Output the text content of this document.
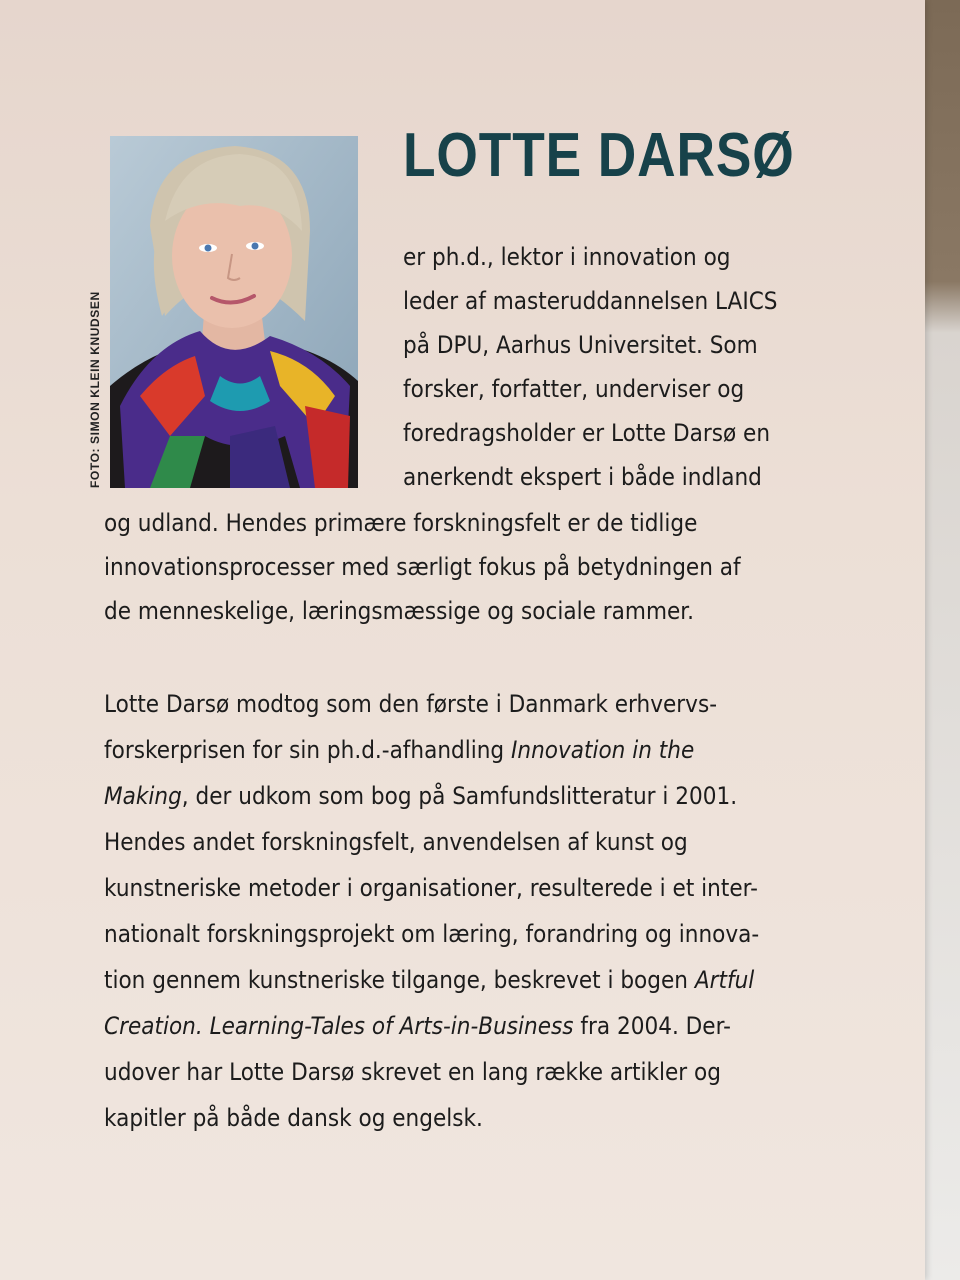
FOTO: SIMON KLEIN KNUDSEN
LOTTE DARSØ
er ph.d., lektor i innovation og
leder af masteruddannelsen LAICS
på DPU, Aarhus Universitet. Som
forsker, forfatter, underviser og
foredragsholder er Lotte Darsø en
anerkendt ekspert i både indland
og udland. Hendes primære forskningsfelt er de tidlige
innovationsprocesser med særligt fokus på betydningen af
de menneskelige, læringsmæssige og sociale rammer.
Lotte Darsø modtog som den første i Danmark erhvervs-
forskerprisen for sin ph.d.-afhandling Innovation in the
Making, der udkom som bog på Samfundslitteratur i 2001.
Hendes andet forskningsfelt, anvendelsen af kunst og
kunstneriske metoder i organisationer, resulterede i et inter-
nationalt forskningsprojekt om læring, forandring og innova-
tion gennem kunstneriske tilgange, beskrevet i bogen Artful
Creation. Learning-Tales of Arts-in-Business fra 2004. Der-
udover har Lotte Darsø skrevet en lang række artikler og
kapitler på både dansk og engelsk.
